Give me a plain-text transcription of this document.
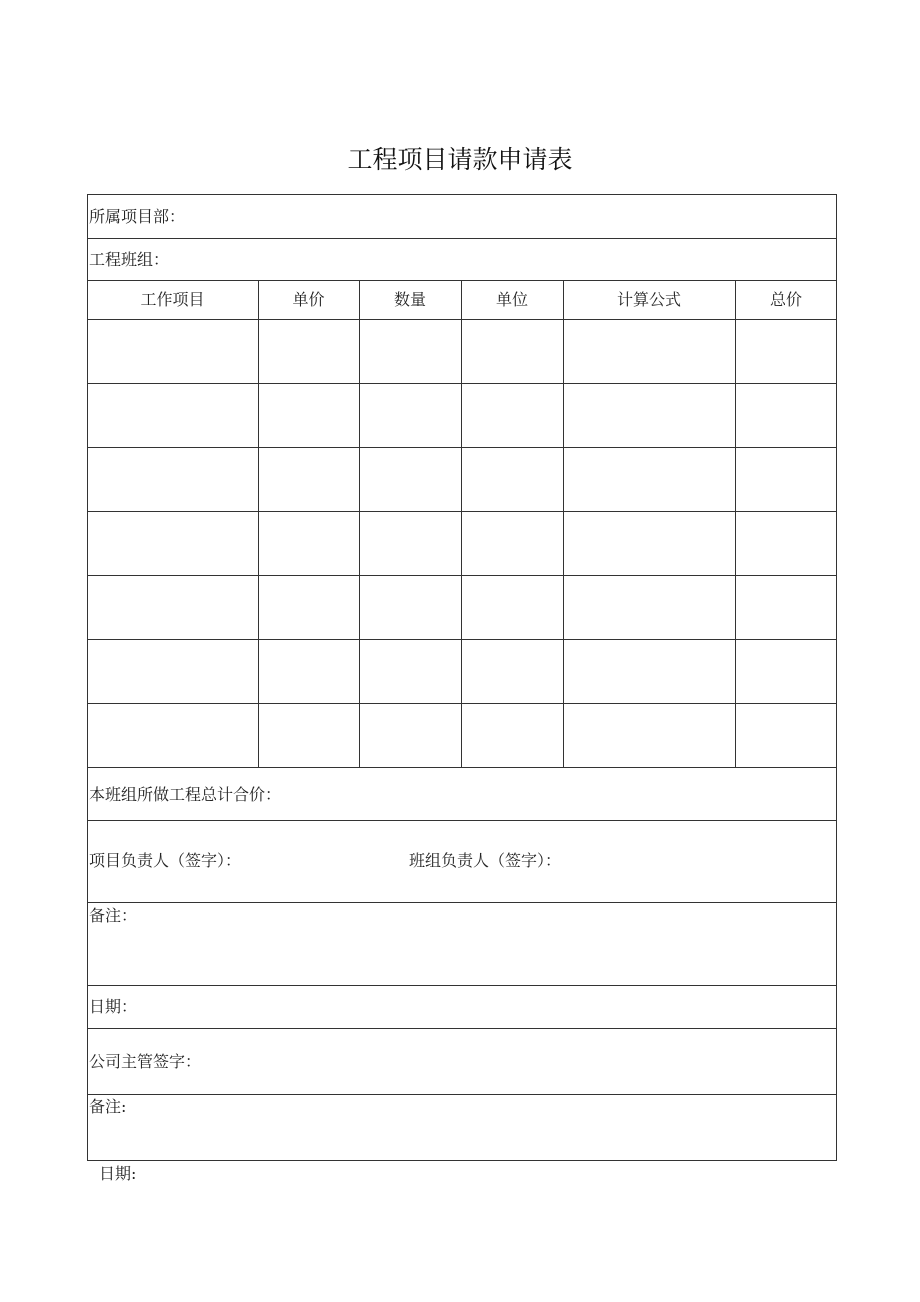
工程项目请款申请表
所属项目部：
工程班组：
工作项目	单价	数量	单位	计算公式	总价
本班组所做工程总计合价：
项目负责人（签字）：	班组负责人（签字）：
备注：
日期：
公司主管签字：
备注:
日期:
